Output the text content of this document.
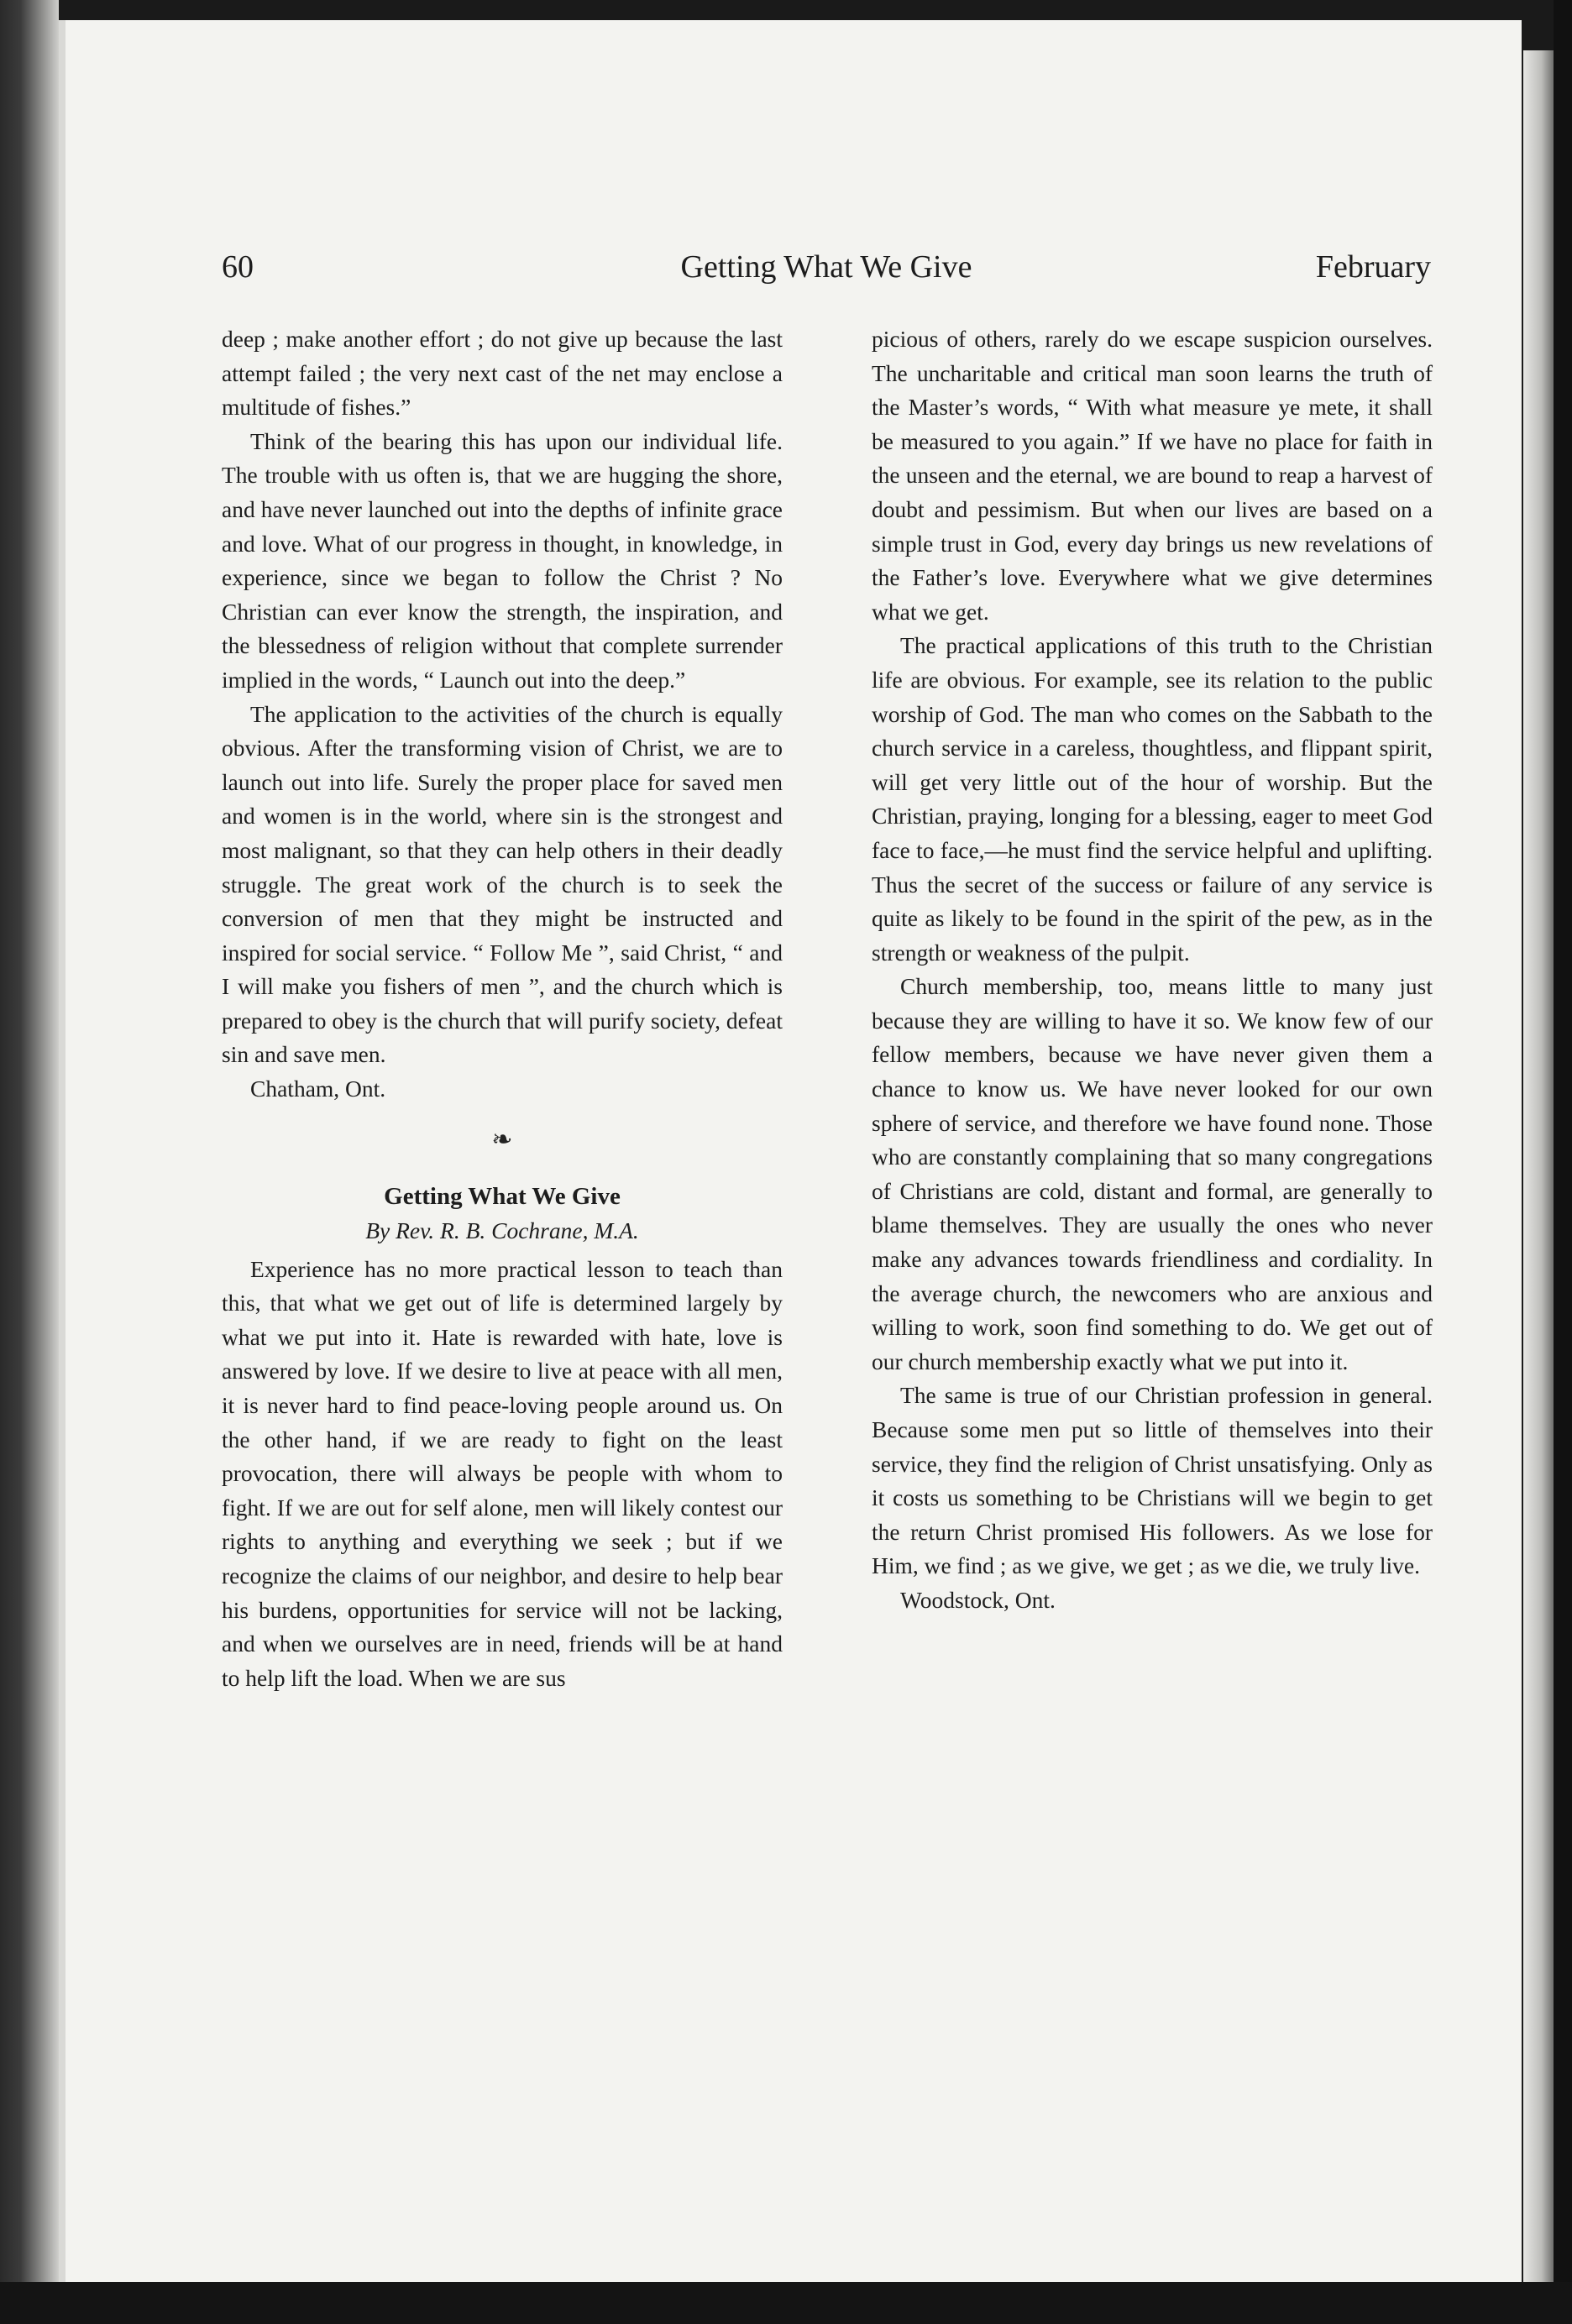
60	Getting What We Give	February

deep ; make another effort ; do not give up because the last attempt failed ; the very next cast of the net may enclose a multitude of fishes.”

Think of the bearing this has upon our individual life. The trouble with us often is, that we are hugging the shore, and have never launched out into the depths of infinite grace and love. What of our progress in thought, in knowledge, in experience, since we began to follow the Christ ? No Christian can ever know the strength, the inspiration, and the blessedness of religion without that complete surrender implied in the words, “ Launch out into the deep.”

The application to the activities of the church is equally obvious. After the transforming vision of Christ, we are to launch out into life. Surely the proper place for saved men and women is in the world, where sin is the strongest and most malignant, so that they can help others in their deadly struggle. The great work of the church is to seek the conversion of men that they might be instructed and inspired for social service. “ Follow Me ”, said Christ, “ and I will make you fishers of men ”, and the church which is prepared to obey is the church that will purify society, defeat sin and save men.

Chatham, Ont.

❧
Getting What We Give
By Rev. R. B. Cochrane, M.A.

Experience has no more practical lesson to teach than this, that what we get out of life is determined largely by what we put into it. Hate is rewarded with hate, love is answered by love. If we desire to live at peace with all men, it is never hard to find peace-loving people around us. On the other hand, if we are ready to fight on the least provocation, there will always be people with whom to fight. If we are out for self alone, men will likely contest our rights to anything and everything we seek ; but if we recognize the claims of our neighbor, and desire to help bear his burdens, opportunities for service will not be lacking, and when we ourselves are in need, friends will be at hand to help lift the load. When we are sus

picious of others, rarely do we escape suspicion ourselves. The uncharitable and critical man soon learns the truth of the Master’s words, “ With what measure ye mete, it shall be measured to you again.” If we have no place for faith in the unseen and the eternal, we are bound to reap a harvest of doubt and pessimism. But when our lives are based on a simple trust in God, every day brings us new revelations of the Father’s love. Everywhere what we give determines what we get.

The practical applications of this truth to the Christian life are obvious. For example, see its relation to the public worship of God. The man who comes on the Sabbath to the church service in a careless, thoughtless, and flippant spirit, will get very little out of the hour of worship. But the Christian, praying, longing for a blessing, eager to meet God face to face,—he must find the service helpful and uplifting. Thus the secret of the success or failure of any service is quite as likely to be found in the spirit of the pew, as in the strength or weakness of the pulpit.

Church membership, too, means little to many just because they are willing to have it so. We know few of our fellow members, because we have never given them a chance to know us. We have never looked for our own sphere of service, and therefore we have found none. Those who are constantly complaining that so many congregations of Christians are cold, distant and formal, are generally to blame themselves. They are usually the ones who never make any advances towards friendliness and cordiality. In the average church, the newcomers who are anxious and willing to work, soon find something to do. We get out of our church membership exactly what we put into it.

The same is true of our Christian profession in general. Because some men put so little of themselves into their service, they find the religion of Christ unsatisfying. Only as it costs us something to be Christians will we begin to get the return Christ promised His followers. As we lose for Him, we find ; as we give, we get ; as we die, we truly live.

Woodstock, Ont.
